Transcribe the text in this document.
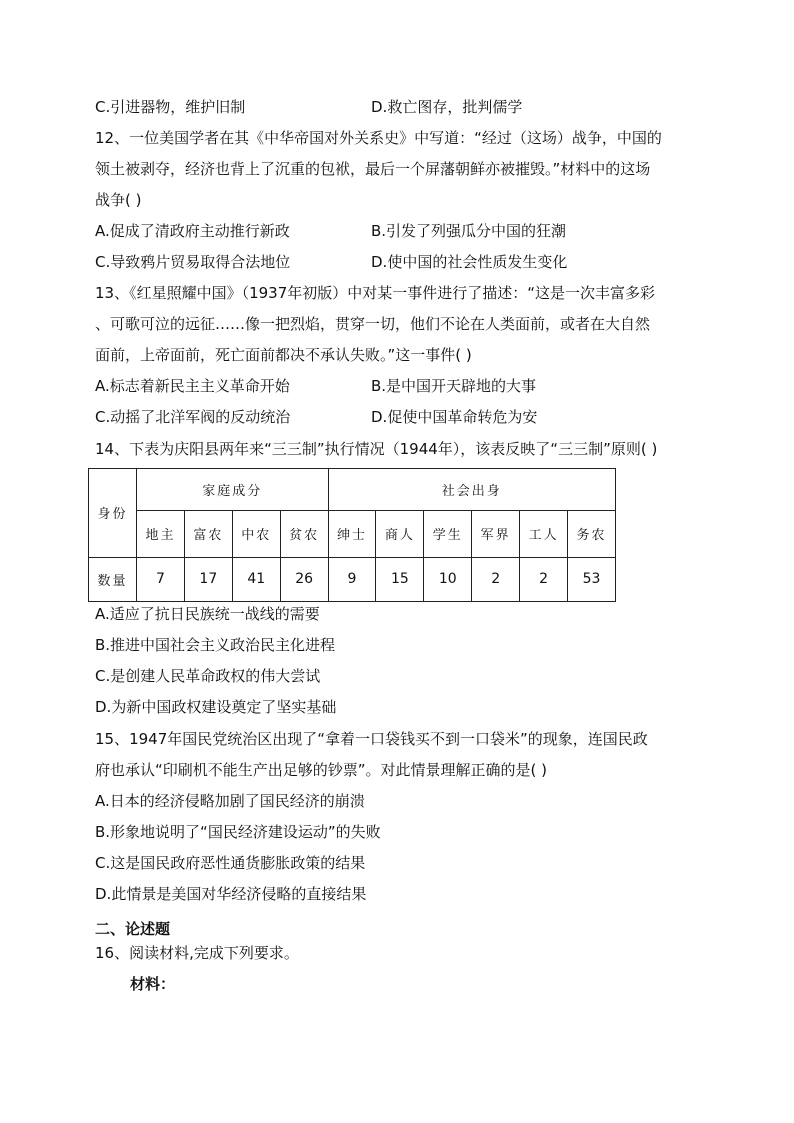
C.引进器物，维护旧制	D.救亡图存，批判儒学
12、一位美国学者在其《中华帝国对外关系史》中写道：“经过（这场）战争，中国的
领土被剥夺，经济也背上了沉重的包袱，最后一个屏藩朝鲜亦被摧毁。”材料中的这场
战争( )
A.促成了清政府主动推行新政	B.引发了列强瓜分中国的狂潮
C.导致鸦片贸易取得合法地位	D.使中国的社会性质发生变化
13、《红星照耀中国》（1937年初版）中对某一事件进行了描述：“这是一次丰富多彩
、可歌可泣的远征……像一把烈焰，贯穿一切，他们不论在人类面前，或者在大自然
面前，上帝面前，死亡面前都决不承认失败。”这一事件( )
A.标志着新民主主义革命开始	B.是中国开天辟地的大事
C.动摇了北洋军阀的反动统治	D.促使中国革命转危为安
14、下表为庆阳县两年来“三三制”执行情况（1944年），该表反映了“三三制”原则( )
身份	家庭成分				社会出身					
	地主	富农	中农	贫农	绅士	商人	学生	军界	工人	务农
数量	7	17	41	26	9	15	10	2	2	53
A.适应了抗日民族统一战线的需要
B.推进中国社会主义政治民主化进程
C.是创建人民革命政权的伟大尝试
D.为新中国政权建设奠定了坚实基础
15、1947年国民党统治区出现了“拿着一口袋钱买不到一口袋米”的现象，连国民政
府也承认“印刷机不能生产出足够的钞票”。对此情景理解正确的是( )
A.日本的经济侵略加剧了国民经济的崩溃
B.形象地说明了“国民经济建设运动”的失败
C.这是国民政府恶性通货膨胀政策的结果
D.此情景是美国对华经济侵略的直接结果
二、论述题
16、阅读材料,完成下列要求。
材料：
